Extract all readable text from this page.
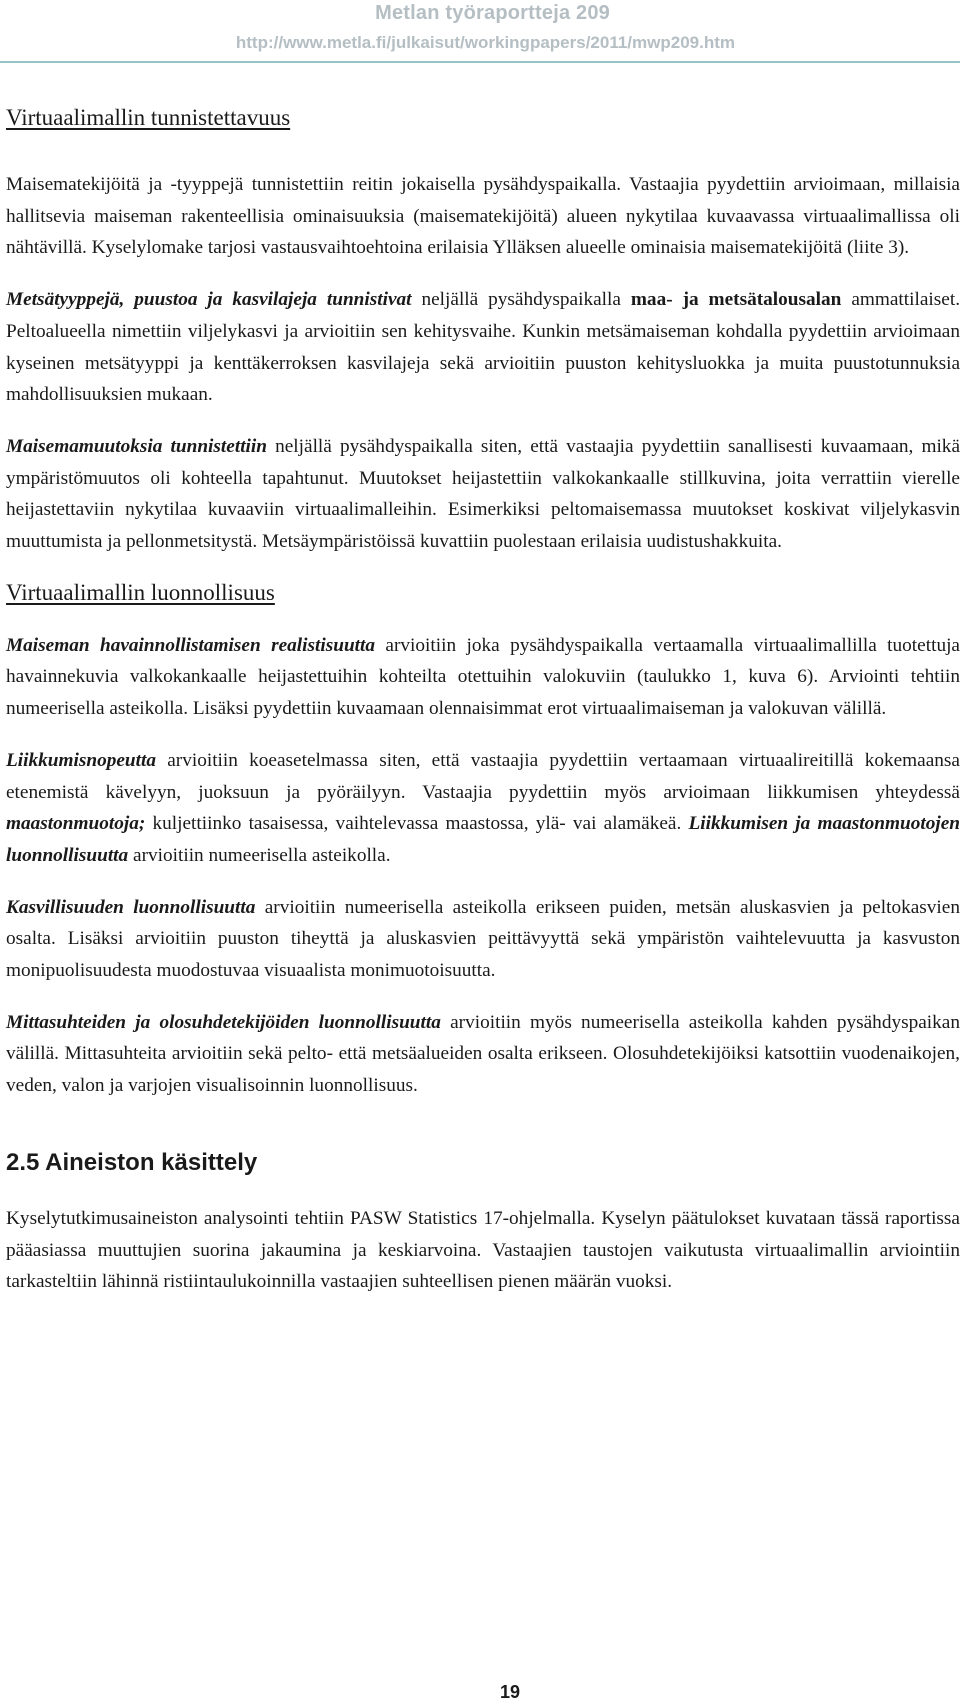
Metlan työraportteja 209
http://www.metla.fi/julkaisut/workingpapers/2011/mwp209.htm
Virtuaalimallin tunnistettavuus

Maisematekijöitä ja -tyyppejä tunnistettiin reitin jokaisella pysähdyspaikalla. Vastaajia pyydettiin arvioimaan, millaisia hallitsevia maiseman rakenteellisia ominaisuuksia (maisematekijöitä) alueen nykytilaa kuvaavassa virtuaalimallissa oli nähtävillä. Kyselylomake tarjosi vastausvaihtoehtoina erilaisia Ylläksen alueelle ominaisia maisematekijöitä (liite 3).

Metsätyyppejä, puustoa ja kasvilajeja tunnistivat neljällä pysähdyspaikalla maa- ja metsätalousalan ammattilaiset. Peltoalueella nimettiin viljelykasvi ja arvioitiin sen kehitysvaihe. Kunkin metsämaiseman kohdalla pyydettiin arvioimaan kyseinen metsätyyppi ja kenttäkerroksen kasvilajeja sekä arvioitiin puuston kehitysluokka ja muita puustotunnuksia mahdollisuuksien mukaan.

Maisemamuutoksia tunnistettiin neljällä pysähdyspaikalla siten, että vastaajia pyydettiin sanallisesti kuvaamaan, mikä ympäristömuutos oli kohteella tapahtunut. Muutokset heijastettiin valkokankaalle stillkuvina, joita verrattiin vierelle heijastettaviin nykytilaa kuvaaviin virtuaalimalleihin. Esimerkiksi peltomaisemassa muutokset koskivat viljelykasvin muuttumista ja pellonmetsitystä. Metsäympäristöissä kuvattiin puolestaan erilaisia uudistushakkuita.

Virtuaalimallin luonnollisuus

Maiseman havainnollistamisen realistisuutta arvioitiin joka pysähdyspaikalla vertaamalla virtuaalimallilla tuotettuja havainnekuvia valkokankaalle heijastettuihin kohteilta otettuihin valokuviin (taulukko 1, kuva 6). Arviointi tehtiin numeerisella asteikolla. Lisäksi pyydettiin kuvaamaan olennaisimmat erot virtuaalimaiseman ja valokuvan välillä.

Liikkumisnopeutta arvioitiin koeasetelmassa siten, että vastaajia pyydettiin vertaamaan virtuaalireitillä kokemaansa etenemistä kävelyyn, juoksuun ja pyöräilyyn. Vastaajia pyydettiin myös arvioimaan liikkumisen yhteydessä maastonmuotoja; kuljettiinko tasaisessa, vaihtelevassa maastossa, ylä- vai alamäkeä. Liikkumisen ja maastonmuotojen luonnollisuutta arvioitiin numeerisella asteikolla.

Kasvillisuuden luonnollisuutta arvioitiin numeerisella asteikolla erikseen puiden, metsän aluskasvien ja peltokasvien osalta. Lisäksi arvioitiin puuston tiheyttä ja aluskasvien peittävyyttä sekä ympäristön vaihtelevuutta ja kasvuston monipuolisuudesta muodostuvaa visuaalista monimuotoisuutta.

Mittasuhteiden ja olosuhdetekijöiden luonnollisuutta arvioitiin myös numeerisella asteikolla kahden pysähdyspaikan välillä. Mittasuhteita arvioitiin sekä pelto- että metsäalueiden osalta erikseen. Olosuhdetekijöiksi katsottiin vuodenaikojen, veden, valon ja varjojen visualisoinnin luonnollisuus.

2.5 Aineiston käsittely

Kyselytutkimusaineiston analysointi tehtiin PASW Statistics 17-ohjelmalla. Kyselyn päätulokset kuvataan tässä raportissa pääasiassa muuttujien suorina jakaumina ja keskiarvoina. Vastaajien taustojen vaikutusta virtuaalimallin arviointiin tarkasteltiin lähinnä ristiintaulukoinnilla vastaajien suhteellisen pienen määrän vuoksi.

19
